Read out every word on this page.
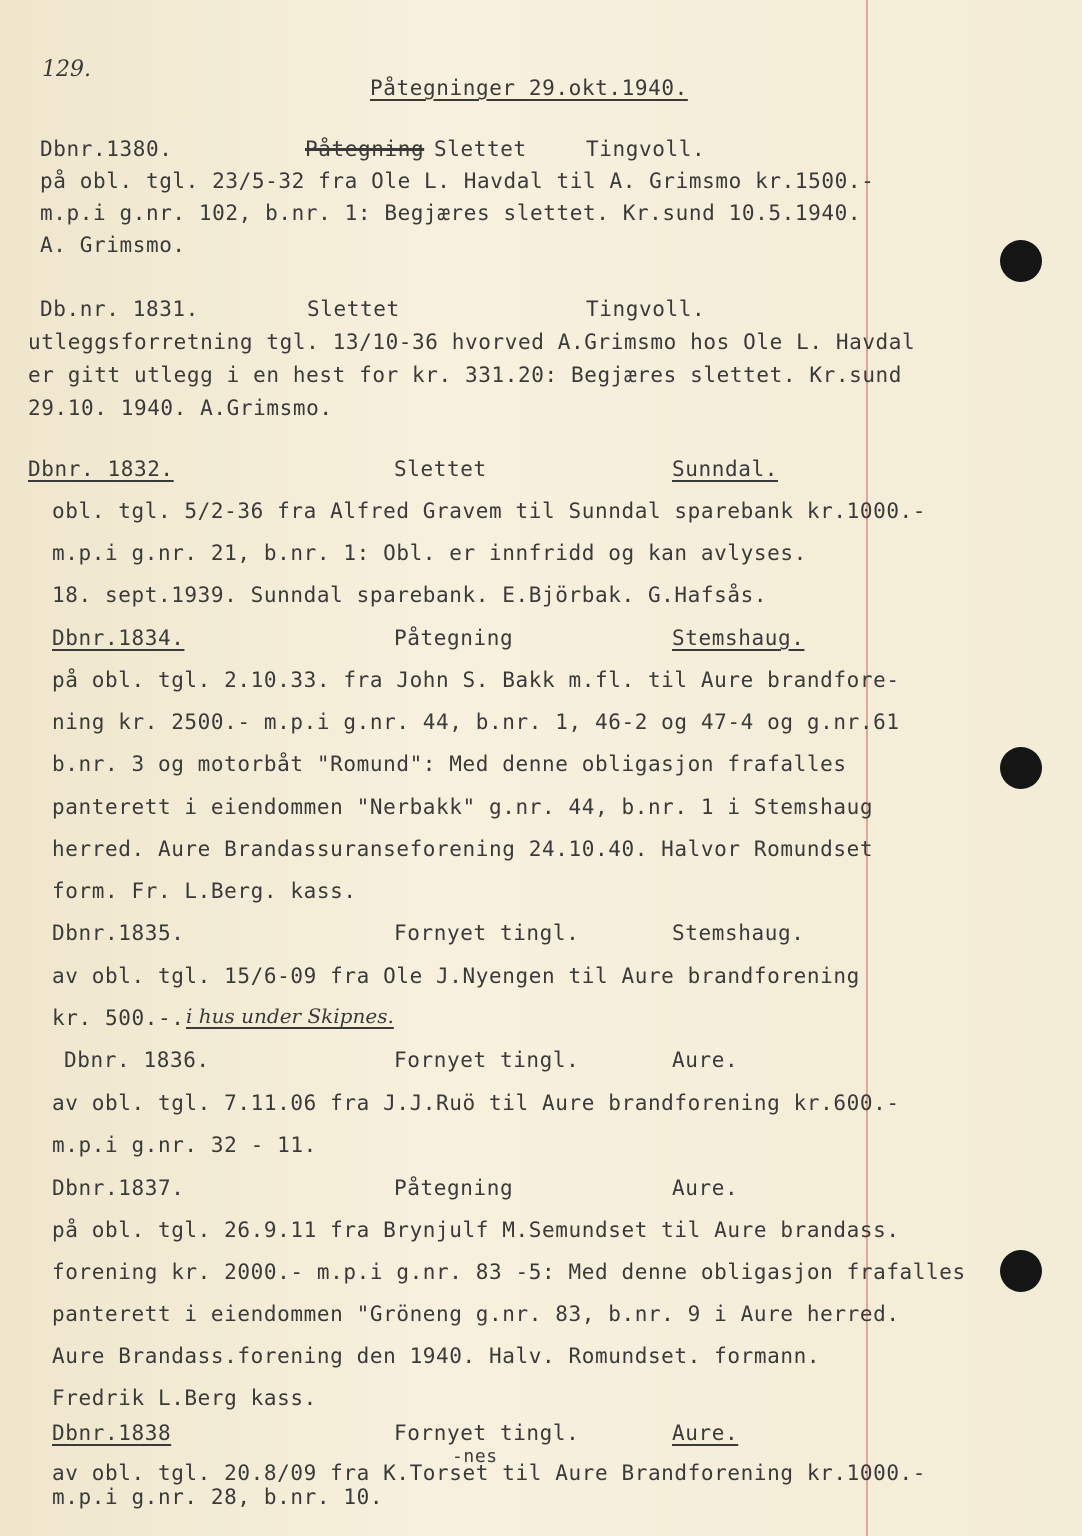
129.
Påtegninger 29.okt.1940.
Dbnr.1380.	Påtegning Slettet	Tingvoll.
på obl. tgl. 23/5-32 fra Ole L. Havdal til A. Grimsmo kr.1500.-
m.p.i g.nr. 102, b.nr. 1: Begjæres slettet. Kr.sund 10.5.1940.
A. Grimsmo.
Db.nr. 1831.	Slettet	Tingvoll.
utleggsforretning tgl. 13/10-36 hvorved A.Grimsmo hos Ole L. Havdal
er gitt utlegg i en hest for kr. 331.20: Begjæres slettet. Kr.sund
29.10. 1940. A.Grimsmo.
Dbnr. 1832.	Slettet	Sunndal.
obl. tgl. 5/2-36 fra Alfred Gravem til Sunndal sparebank kr.1000.-
m.p.i g.nr. 21, b.nr. 1: Obl. er innfridd og kan avlyses.
18. sept.1939. Sunndal sparebank. E.Björbak. G.Hafsås.
Dbnr.1834.	Påtegning	Stemshaug.
på obl. tgl. 2.10.33. fra John S. Bakk m.fl. til Aure brandfore-
ning kr. 2500.- m.p.i g.nr. 44, b.nr. 1, 46-2 og 47-4 og g.nr.61
b.nr. 3 og motorbåt "Romund": Med denne obligasjon frafalles
panterett i eiendommen "Nerbakk" g.nr. 44, b.nr. 1 i Stemshaug
herred. Aure Brandassuranseforening 24.10.40. Halvor Romundset
form. Fr. L.Berg. kass.
Dbnr.1835.	Fornyet tingl.	Stemshaug.
av obl. tgl. 15/6-09 fra Ole J.Nyengen til Aure brandforening
kr. 500.-. i hus under Skipnes.
Dbnr. 1836.	Fornyet tingl.	Aure.
av obl. tgl. 7.11.06 fra J.J.Ruö til Aure brandforening kr.600.-
m.p.i g.nr. 32 - 11.
Dbnr.1837.	Påtegning	Aure.
på obl. tgl. 26.9.11 fra Brynjulf M.Semundset til Aure brandass.
forening kr. 2000.- m.p.i g.nr. 83 -5: Med denne obligasjon frafalles
panterett i eiendommen "Gröneng g.nr. 83, b.nr. 9 i Aure herred.
Aure Brandass.forening den 1940. Halv. Romundset. formann.
Fredrik L.Berg kass.
Dbnr.1838	Fornyet tingl.	Aure.
-nes
av obl. tgl. 20.8/09 fra K.Torset til Aure Brandforening kr.1000.-
m.p.i g.nr. 28, b.nr. 10.
